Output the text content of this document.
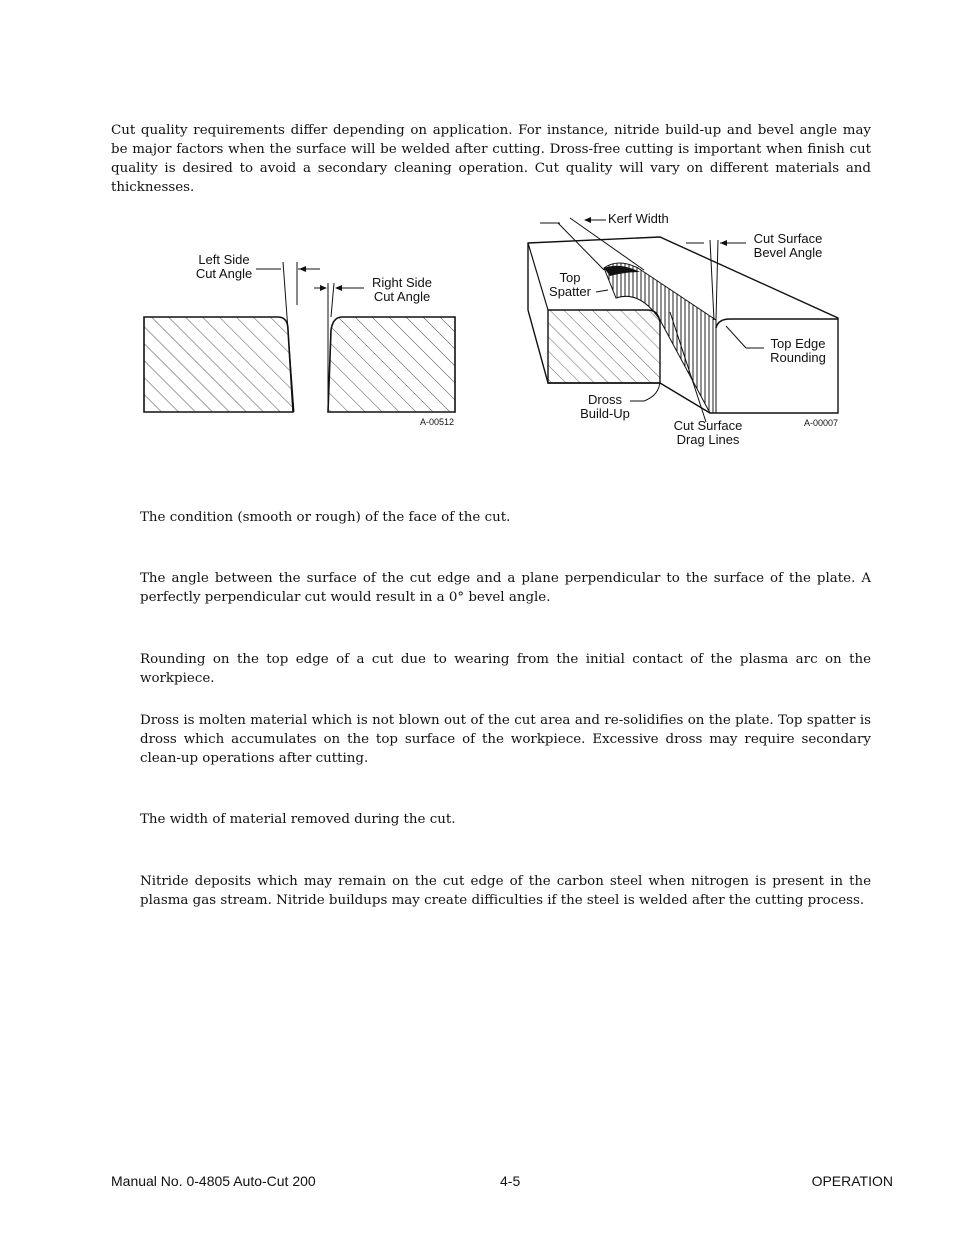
Cut quality requirements differ depending on application. For instance, nitride build-up and bevel angle may be major factors when the surface will be welded after cutting. Dross-free cutting is important when finish cut quality is desired to avoid a secondary cleaning operation. Cut quality will vary on different materials and thicknesses.
Left Side
Cut Angle
Right Side
Cut Angle
A-00512
Kerf Width
Cut Surface
Bevel Angle
Top
Spatter
Top Edge
Rounding
Dross
Build-Up
Cut Surface
Drag Lines
A-00007
The condition (smooth or rough) of the face of the cut.
The angle between the surface of the cut edge and a plane perpendicular to the surface of the plate. A perfectly perpendicular cut would result in a 0° bevel angle.
Rounding on the top edge of a cut due to wearing from the initial contact of the plasma arc on the workpiece.
Dross is molten material which is not blown out of the cut area and re-solidifies on the plate. Top spatter is dross which accumulates on the top surface of the workpiece. Excessive dross may require secondary clean-up operations after cutting.
The width of material removed during the cut.
Nitride deposits which may remain on the cut edge of the carbon steel when nitrogen is present in the plasma gas stream. Nitride buildups may create difficulties if the steel is welded after the cutting process.
Manual No. 0-4805 Auto-Cut 200	4-5	OPERATION
